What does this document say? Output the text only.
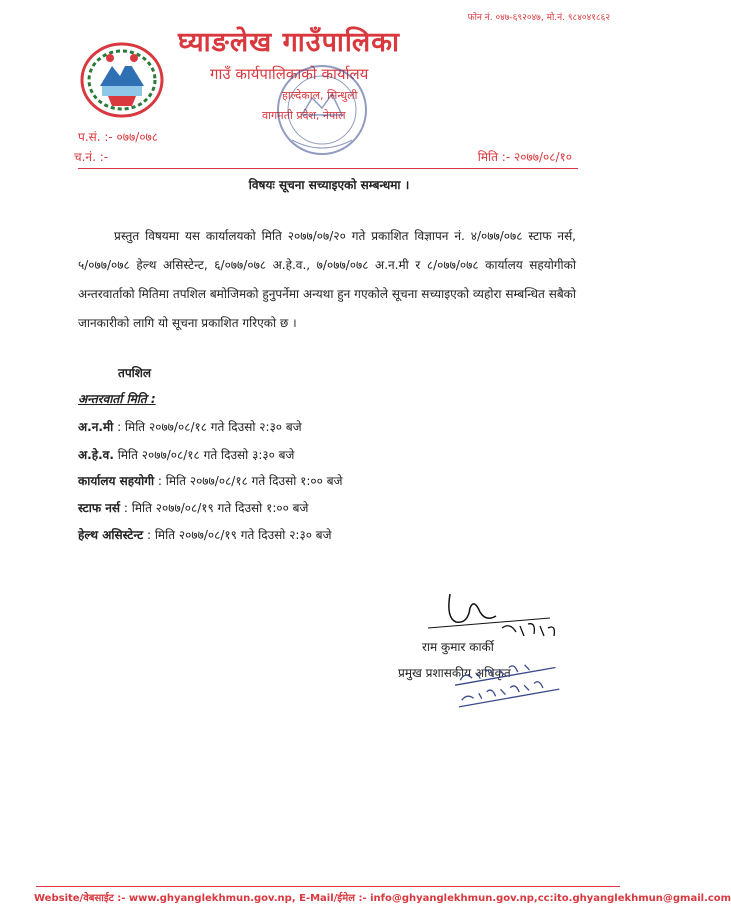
फोन नं. ०४७-६९२०४७, मो.नं. ९८४०४१८६२
घ्याङलेख गाउँपालिका
गाउँ कार्यपालिकाको कार्यालय
हाल्देकाल, सिन्धुली
वागमती प्रदेश, नेपाल
प.सं. :- ०७७/०७८
च.नं. :-	मिति :- २०७७/०८/१०
विषयः सूचना सच्याइएको सम्बन्धमा ।
प्रस्तुत विषयमा यस कार्यालयको मिति २०७७/०७/२० गते प्रकाशित विज्ञापन नं. ४/०७७/०७८ स्टाफ नर्स, ५/०७७/०७८ हेल्थ असिस्टेन्ट, ६/०७७/०७८ अ.हे.व., ७/०७७/०७८ अ.न.मी र ८/०७७/०७८ कार्यालय सहयोगीको अन्तरवार्ताको मितिमा तपशिल बमोजिमको हुनुपर्नेमा अन्यथा हुन गएकोले सूचना सच्याइएको व्यहोरा सम्बन्धित सबैको जानकारीको लागि यो सूचना प्रकाशित गरिएको छ ।
तपशिल
अन्तरवार्ता मिति :
अ.न.मी : मिति २०७७/०८/१८ गते दिउसो २:३० बजे
अ.हे.व. मिति २०७७/०८/१८ गते दिउसो ३:३० बजे
कार्यालय सहयोगी : मिति २०७७/०८/१८ गते दिउसो १:०० बजे
स्टाफ नर्स : मिति २०७७/०८/१९ गते दिउसो १:०० बजे
हेल्थ असिस्टेन्ट : मिति २०७७/०८/१९ गते दिउसो २:३० बजे
राम कुमार कार्की
प्रमुख प्रशासकीय अधिकृत
Website/वेबसाईट :- www.ghyanglekhmun.gov.np, E-Mail/ईमेल :- info@ghyanglekhmun.gov.np,cc:ito.ghyanglekhmun@gmail.com
